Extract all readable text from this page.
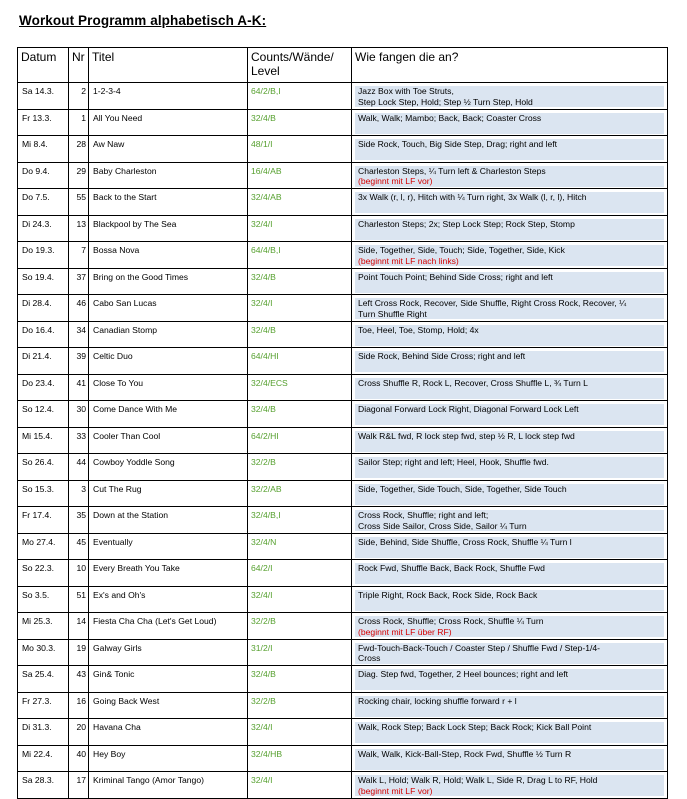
Workout Programm alphabetisch A-K:
Datum	Nr	Titel	Counts/Wände/ Level	Wie fangen die an?
Sa 14.3.	2	1-2-3-4	64/2/B,I	Jazz Box with Toe Struts,
Step Lock Step, Hold; Step ½ Turn Step, Hold

Fr 13.3.	1	All You Need	32/4/B	Walk, Walk; Mambo; Back, Back; Coaster Cross

Mi 8.4.	28	Aw Naw	48/1/I	Side Rock, Touch, Big Side Step, Drag; right and left

Do 9.4.	29	Baby Charleston	16/4/AB	Charleston Steps, ¼ Turn left & Charleston Steps
(beginnt mit LF vor)

Do 7.5.	55	Back to the Start	32/4/AB	3x Walk (r, l, r), Hitch with ¼ Turn right, 3x Walk (l, r, l), Hitch

Di 24.3.	13	Blackpool by The Sea	32/4/I	Charleston Steps; 2x; Step Lock Step; Rock Step, Stomp

Do 19.3.	7	Bossa Nova	64/4/B,I	Side, Together, Side, Touch; Side, Together, Side, Kick
(beginnt mit LF nach links)

So 19.4.	37	Bring on the Good Times	32/4/B	Point Touch Point; Behind Side Cross; right and left

Di 28.4.	46	Cabo San Lucas	32/4/I	Left Cross Rock, Recover, Side Shuffle, Right Cross Rock, Recover, ¼
Turn Shuffle Right

Do 16.4.	34	Canadian Stomp	32/4/B	Toe, Heel, Toe, Stomp, Hold; 4x

Di 21.4.	39	Celtic Duo	64/4/HI	Side Rock, Behind Side Cross; right and left

Do 23.4.	41	Close To You	32/4/ECS	Cross Shuffle R, Rock L, Recover, Cross Shuffle L, ¾ Turn L

So 12.4.	30	Come Dance With Me	32/4/B	Diagonal Forward Lock Right, Diagonal Forward Lock Left

Mi 15.4.	33	Cooler Than Cool	64/2/HI	Walk R&L fwd, R lock step fwd, step ½ R, L lock step fwd

So 26.4.	44	Cowboy Yoddle Song	32/2/B	Sailor Step; right and left; Heel, Hook, Shuffle fwd.

So 15.3.	3	Cut The Rug	32/2/AB	Side, Together, Side Touch, Side, Together, Side Touch

Fr 17.4.	35	Down at the Station	32/4/B,I	Cross Rock, Shuffle; right and left;
Cross Side Sailor, Cross Side, Sailor ¼ Turn

Mo 27.4.	45	Eventually	32/4/N	Side, Behind, Side Shuffle, Cross Rock, Shuffle ¼ Turn l

So 22.3.	10	Every Breath You Take	64/2/I	Rock Fwd, Shuffle Back, Back Rock, Shuffle Fwd

So 3.5.	51	Ex's and Oh's	32/4/I	Triple Right, Rock Back, Rock Side, Rock Back

Mi 25.3.	14	Fiesta Cha Cha (Let's Get Loud)	32/2/B	Cross Rock, Shuffle; Cross Rock, Shuffle ¼ Turn
(beginnt mit LF über RF)

Mo 30.3.	19	Galway Girls	31/2/I	Fwd-Touch-Back-Touch / Coaster Step / Shuffle Fwd / Step-1/4-
Cross

Sa 25.4.	43	Gin& Tonic	32/4/B	Diag. Step fwd, Together, 2 Heel bounces; right and left

Fr 27.3.	16	Going Back West	32/2/B	Rocking chair, locking shuffle forward r + l

Di 31.3.	20	Havana Cha	32/4/I	Walk, Rock Step; Back Lock Step; Back Rock; Kick Ball Point

Mi 22.4.	40	Hey Boy	32/4/HB	Walk, Walk, Kick-Ball-Step, Rock Fwd, Shuffle ½ Turn R

Sa 28.3.	17	Kriminal Tango (Amor Tango)	32/4/I	Walk L, Hold; Walk R, Hold; Walk L, Side R, Drag L to RF, Hold
(beginnt mit LF vor)
